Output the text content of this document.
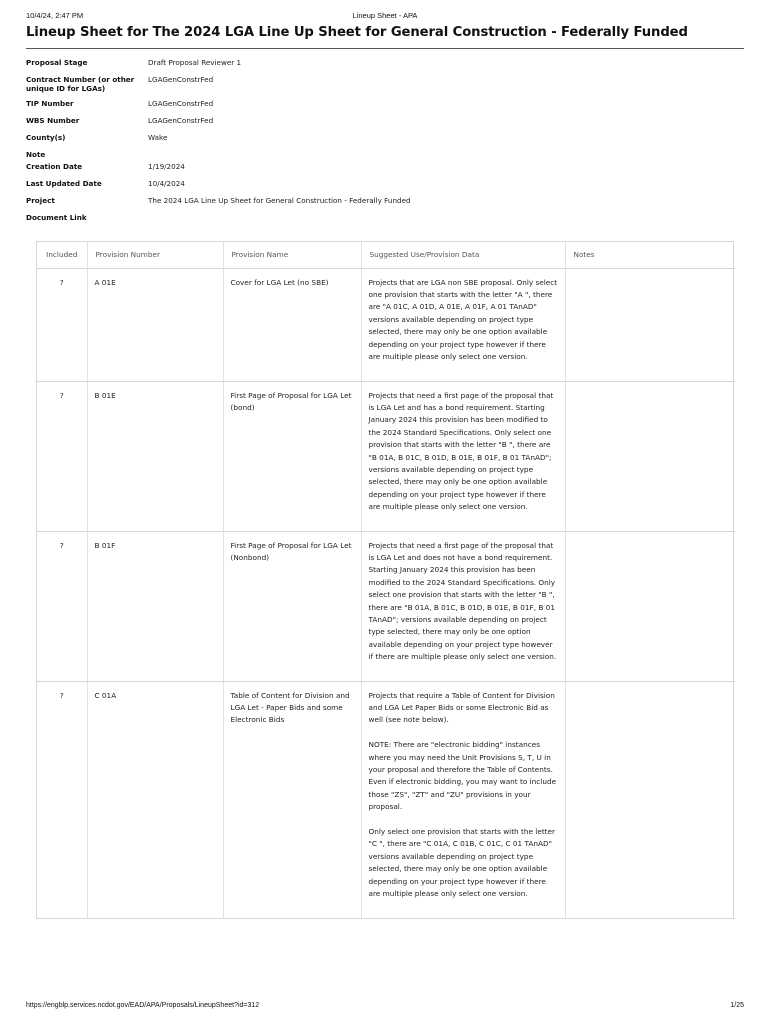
10/4/24, 2:47 PM	Lineup Sheet - APA
Lineup Sheet for The 2024 LGA Line Up Sheet for General Construction - Federally Funded
Proposal Stage	Draft Proposal Reviewer 1
Contract Number (or other unique ID for LGAs)
LGAGenConstrFed
TIP Number	LGAGenConstrFed
WBS Number	LGAGenConstrFed
County(s)	Wake
Note
Creation Date	1/19/2024
Last Updated Date	10/4/2024
Project	The 2024 LGA Line Up Sheet for General Construction - Federally Funded
Document Link
Included	Provision Number	Provision Name	Suggested Use/Provision Data	Notes
?	A 01E	Cover for LGA Let (no SBE)	Projects that are LGA non SBE proposal. Only select one provision that starts with the letter "A ", there are "A 01C, A 01D, A 01E, A 01F, A 01 TAnAD" versions available depending on project type selected, there may only be one option available depending on your project type however if there are multiple please only select one version.	

?	B 01E	First Page of Proposal for LGA Let (bond)	Projects that need a first page of the proposal that is LGA Let and has a bond requirement. Starting January 2024 this provision has been modified to the 2024 Standard Specifications. Only select one provision that starts with the letter "B ", there are "B 01A, B 01C, B 01D, B 01E, B 01F, B 01 TAnAD"; versions available depending on project type selected, there may only be one option available depending on your project type however if there are multiple please only select one version.	

?	B 01F	First Page of Proposal for LGA Let (Nonbond)	Projects that need a first page of the proposal that is LGA Let and does not have a bond requirement. Starting January 2024 this provision has been modified to the 2024 Standard Specifications. Only select one provision that starts with the letter "B ", there are "B 01A, B 01C, B 01D, B 01E, B 01F, B 01 TAnAD"; versions available depending on project type selected, there may only be one option available depending on your project type however if there are multiple please only select one version.	

?	C 01A	Table of Content for Division and LGA Let - Paper Bids and some Electronic Bids	Projects that require a Table of Content for Division and LGA Let Paper Bids or some Electronic Bid as well (see note below).

NOTE: There are "electronic bidding" instances where you may need the Unit Provisions S, T, U in your proposal and therefore the Table of Contents. Even if electronic bidding, you may want to include those "ZS", "ZT" and "ZU" provisions in your proposal.

Only select one provision that starts with the letter "C ", there are "C 01A, C 01B, C 01C, C 01 TAnAD" versions available depending on project type selected, there may only be one option available depending on your project type however if there are multiple please only select one version.	

https://engblp.services.ncdot.gov/EAD/APA/Proposals/LineupSheet?id=312	1/25
